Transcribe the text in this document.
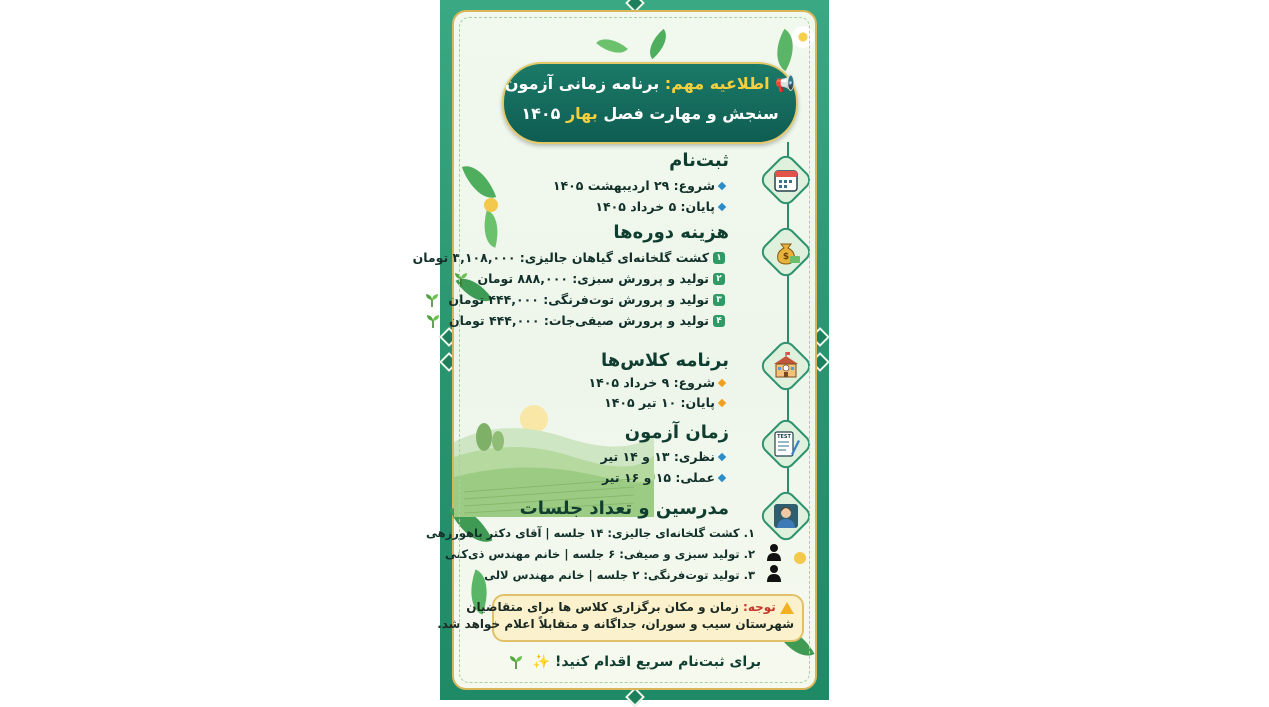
📢 اطلاعیه مهم: برنامه زمانی آزمون
سنجش و مهارت فصل بهار ۱۴۰۵
ثبت‌نام
شروع: ۲۹ اردیبهشت ۱۴۰۵
پایان: ۵ خرداد ۱۴۰۵
$
هزینه دوره‌ها
۱
کشت گلخانه‌ای گیاهان جالیزی: ۳,۱۰۸,۰۰۰ تومان
۲
تولید و پرورش سبزی: ۸۸۸,۰۰۰ تومان
۳
تولید و پرورش توت‌فرنگی: ۴۴۴,۰۰۰ تومان
۴
تولید و پرورش صیفی‌جات: ۴۴۴,۰۰۰ تومان
برنامه کلاس‌ها
شروع: ۹ خرداد ۱۴۰۵
پایان: ۱۰ تیر ۱۴۰۵
TEST
زمان آزمون
نظری: ۱۳ و ۱۴ تیر
عملی: ۱۵ و ۱۶ تیر
مدرسین و تعداد جلسات
۱. کشت گلخانه‌ای جالیزی: ۱۴ جلسه | آقای دکتر باهورزهی
۲. تولید سبزی و صیفی: ۶ جلسه | خانم مهندس ذی‌کنی
۳. تولید توت‌فرنگی: ۲ جلسه | خانم مهندس لالی
توجه: زمان و مکان برگزاری کلاس ها برای متقاضیان
شهرستان سیب و سوران، جداگانه و متقابلاً اعلام خواهد شد.
برای ثبت‌نام سریع اقدام کنید! ✨
